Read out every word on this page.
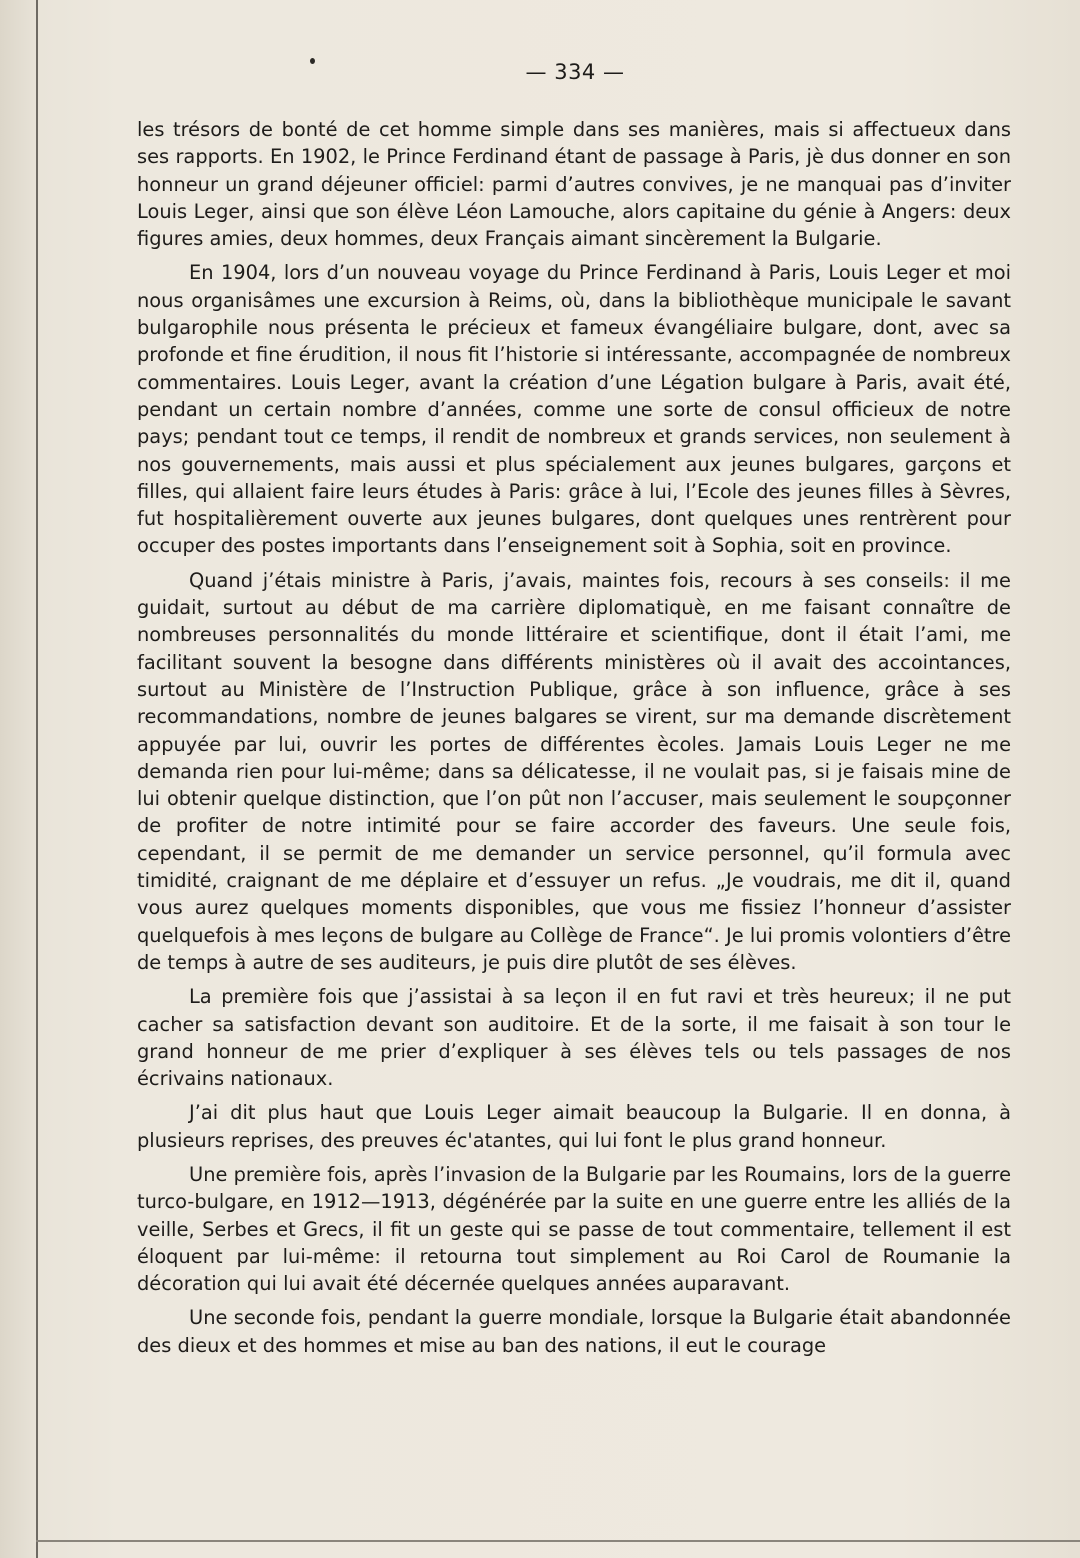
— 334 —

les trésors de bonté de cet homme simple dans ses manières, mais si affectueux dans ses rapports. En 1902, le Prince Ferdinand étant de passage à Paris, jè dus donner en son honneur un grand déjeuner officiel: parmi d’autres convives, je ne manquai pas d’inviter Louis Leger, ainsi que son élève Léon Lamouche, alors capitaine du génie à Angers: deux figures amies, deux hommes, deux Français aimant sincèrement la Bulgarie.

En 1904, lors d’un nouveau voyage du Prince Ferdinand à Paris, Louis Leger et moi nous organisâmes une excursion à Reims, où, dans la bibliothèque municipale le savant bulgarophile nous présenta le précieux et fameux évangéliaire bulgare, dont, avec sa profonde et fine érudition, il nous fit l’historie si intéressante, accompagnée de nombreux commentaires. Louis Leger, avant la création d’une Légation bulgare à Paris, avait été, pendant un certain nombre d’années, comme une sorte de consul officieux de notre pays; pendant tout ce temps, il rendit de nombreux et grands services, non seulement à nos gouvernements, mais aussi et plus spécialement aux jeunes bulgares, garçons et filles, qui allaient faire leurs études à Paris: grâce à lui, l’Ecole des jeunes filles à Sèvres, fut hospitalièrement ouverte aux jeunes bulgares, dont quelques unes rentrèrent pour occuper des postes importants dans l’enseignement soit à Sophia, soit en province.

Quand j’étais ministre à Paris, j’avais, maintes fois, recours à ses conseils: il me guidait, surtout au début de ma carrière diplomatiquè, en me faisant connaître de nombreuses personnalités du monde littéraire et scientifique, dont il était l’ami, me facilitant souvent la besogne dans différents ministères où il avait des accointances, surtout au Ministère de l’Instruction Publique, grâce à son influence, grâce à ses recommandations, nombre de jeunes balgares se virent, sur ma demande discrètement appuyée par lui, ouvrir les portes de différentes ècoles. Jamais Louis Leger ne me demanda rien pour lui-même; dans sa délicatesse, il ne voulait pas, si je faisais mine de lui obtenir quelque distinction, que l’on pût non l’accuser, mais seulement le soupçonner de profiter de notre intimité pour se faire accorder des faveurs. Une seule fois, cependant, il se permit de me demander un service personnel, qu’il formula avec timidité, craignant de me déplaire et d’essuyer un refus. „Je voudrais, me dit il, quand vous aurez quelques moments disponibles, que vous me fissiez l’honneur d’assister quelquefois à mes leçons de bulgare au Collège de France“. Je lui promis volontiers d’être de temps à autre de ses auditeurs, je puis dire plutôt de ses élèves.

La première fois que j’assistai à sa leçon il en fut ravi et très heureux; il ne put cacher sa satisfaction devant son auditoire. Et de la sorte, il me faisait à son tour le grand honneur de me prier d’expliquer à ses élèves tels ou tels passages de nos écrivains nationaux.

J’ai dit plus haut que Louis Leger aimait beaucoup la Bulgarie. Il en donna, à plusieurs reprises, des preuves éc'atantes, qui lui font le plus grand honneur.

Une première fois, après l’invasion de la Bulgarie par les Roumains, lors de la guerre turco-bulgare, en 1912—1913, dégénérée par la suite en une guerre entre les alliés de la veille, Serbes et Grecs, il fit un geste qui se passe de tout commentaire, tellement il est éloquent par lui-même: il retourna tout simplement au Roi Carol de Roumanie la décoration qui lui avait été décernée quelques années auparavant.

Une seconde fois, pendant la guerre mondiale, lorsque la Bulgarie était abandonnée des dieux et des hommes et mise au ban des nations, il eut le courage
